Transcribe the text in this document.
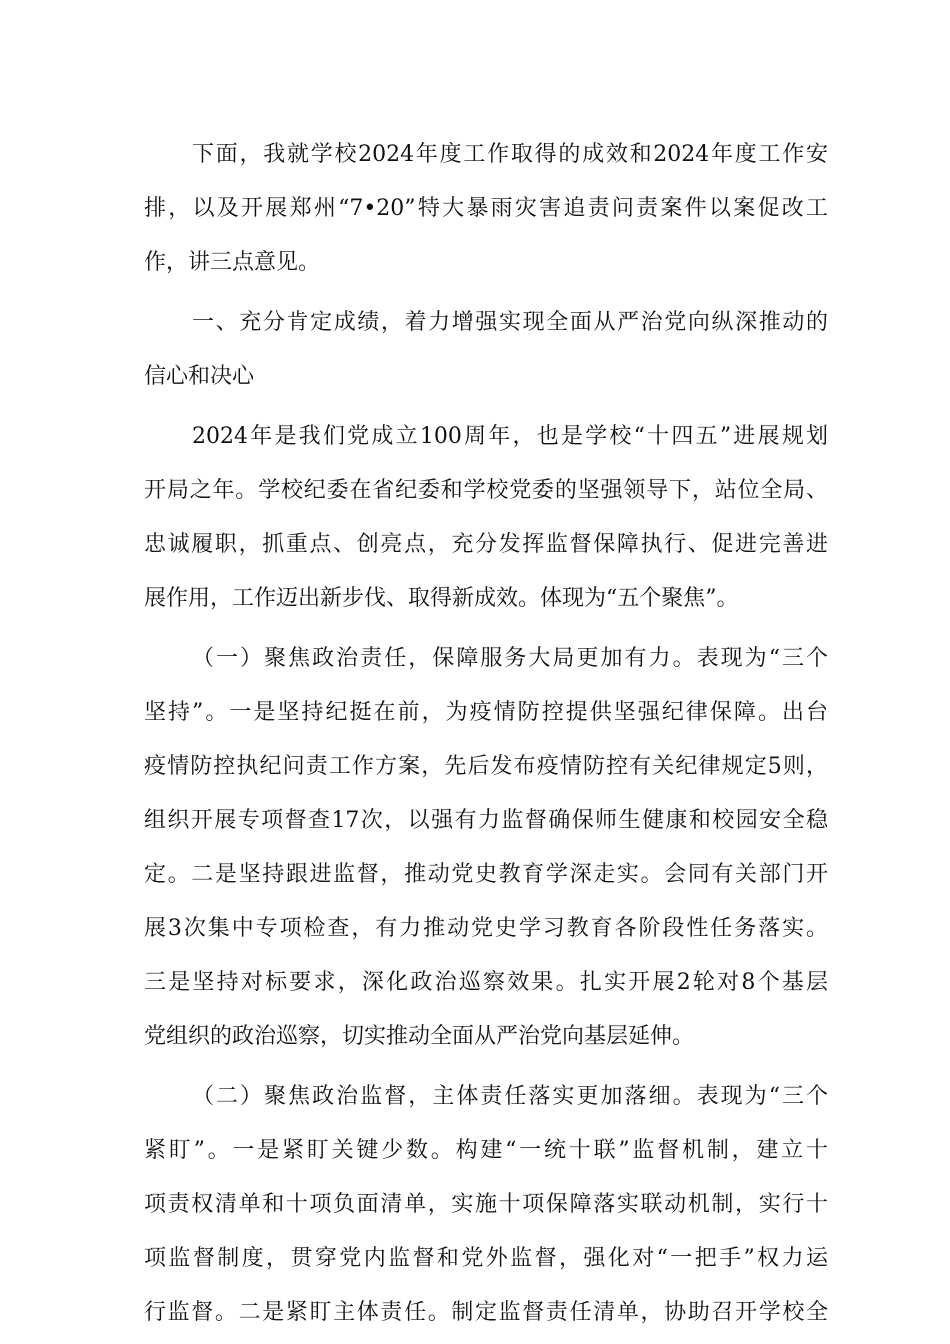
下面，我就学校2024年度工作取得的成效和2024年度工作安
排，以及开展郑州“7•20”特大暴雨灾害追责问责案件以案促改工
作，讲三点意见。
一、充分肯定成绩，着力增强实现全面从严治党向纵深推动的
信心和决心
2024年是我们党成立100周年，也是学校“十四五”进展规划
开局之年。学校纪委在省纪委和学校党委的坚强领导下，站位全局、
忠诚履职，抓重点、创亮点，充分发挥监督保障执行、促进完善进
展作用，工作迈出新步伐、取得新成效。体现为“五个聚焦”。
（一）聚焦政治责任，保障服务大局更加有力。表现为“三个
坚持”。一是坚持纪挺在前，为疫情防控提供坚强纪律保障。出台
疫情防控执纪问责工作方案，先后发布疫情防控有关纪律规定5则，
组织开展专项督查17次，以强有力监督确保师生健康和校园安全稳
定。二是坚持跟进监督，推动党史教育学深走实。会同有关部门开
展3次集中专项检查，有力推动党史学习教育各阶段性任务落实。
三是坚持对标要求，深化政治巡察效果。扎实开展2轮对8个基层
党组织的政治巡察，切实推动全面从严治党向基层延伸。
（二）聚焦政治监督，主体责任落实更加落细。表现为“三个
紧盯”。一是紧盯关键少数。构建“一统十联”监督机制，建立十
项责权清单和十项负面清单，实施十项保障落实联动机制，实行十
项监督制度，贯穿党内监督和党外监督，强化对“一把手”权力运
行监督。二是紧盯主体责任。制定监督责任清单，协助召开学校全
